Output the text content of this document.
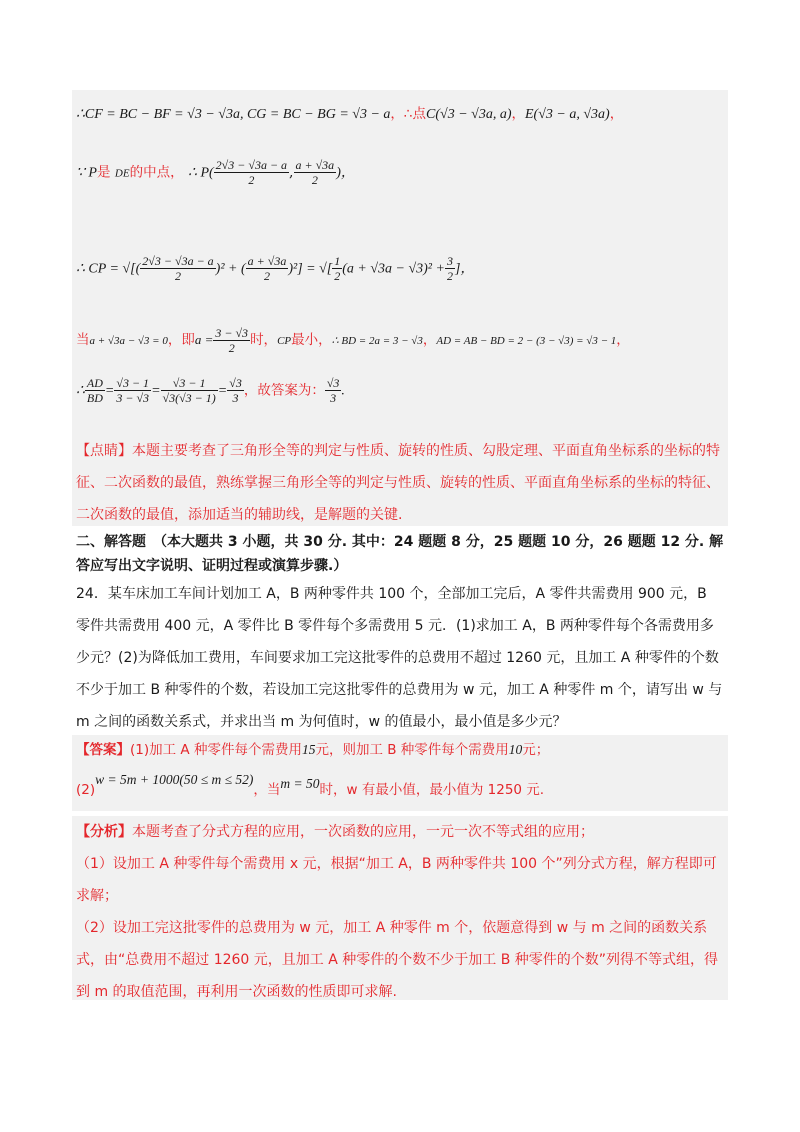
∴CF = BC − BF = √3 − √3a, CG = BC − BG = √3 − a，∴点C(√3 − √3a, a)，E(√3 − a, √3a)，
∵ P是 DE的中点， ∴ $P( \frac{2√3 - √3a - a}{2}$ , $\frac{a + √3a}{2}$ )，
∴ CP = √[( $\frac{2√3 - √3a - a}{2} )^2$ + ( $\frac{a + √3a}{2} )^2$] = √[ $\frac{1}{2} (a + √3a - √3)^2 + \frac{3}{2}$ ]，
当a + √3a − √3 = 0，即$a = \frac{3 - √3}{2}$ 时，CP最小，∴ BD = 2a = 3 − √3，AD = AB − BD = 2 − (3 − √3) = √3 − 1，
∴ $\frac{AD}{BD} = \frac{√3 - 1}{3 - √3} = \frac{√3 - 1}{√3(√3 - 1)} = \frac{√3}{3}$ ，故答案为： $\frac{√3}{3}$ .
【点睛】本题主要考查了三角形全等的判定与性质、旋转的性质、勾股定理、平面直角坐标系的坐标的特征、二次函数的最值，熟练掌握三角形全等的判定与性质、旋转的性质、平面直角坐标系的坐标的特征、二次函数的最值，添加适当的辅助线，是解题的关键.
二、解答题　（本大题共 3 小题，共 30 分. 其中：24 题题 8 分，25 题题 10 分，26 题题 12 分. 解答应写出文字说明、证明过程或演算步骤.）
24．某车床加工车间计划加工 A，B 两种零件共 100 个，全部加工完后，A 零件共需费用 900 元，B 零件共需费用 400 元，A 零件比 B 零件每个多需费用 5 元．(1)求加工 A，B 两种零件每个各需费用多少元？(2)为降低加工费用，车间要求加工完这批零件的总费用不超过 1260 元，且加工 A 种零件的个数不少于加工 B 种零件的个数，若设加工完这批零件的总费用为 w 元，加工 A 种零件 m 个，请写出 w 与 m 之间的函数关系式，并求出当 m 为何值时，w 的值最小，最小值是多少元？
【答案】(1)加工 A 种零件每个需费用15元，则加工 B 种零件每个需费用10元；
(2)w = 5m + 1000(50 ≤ m ≤ 52)，当m = 50时，w 有最小值，最小值为 1250 元.
【分析】本题考查了分式方程的应用，一次函数的应用，一元一次不等式组的应用；
（1）设加工 A 种零件每个需费用 x 元，根据“加工 A，B 两种零件共 100 个”列分式方程，解方程即可求解；
（2）设加工完这批零件的总费用为 w 元，加工 A 种零件 m 个，依题意得到 w 与 m 之间的函数关系式，由“总费用不超过 1260 元，且加工 A 种零件的个数不少于加工 B 种零件的个数”列得不等式组，得到 m 的取值范围，再利用一次函数的性质即可求解.
